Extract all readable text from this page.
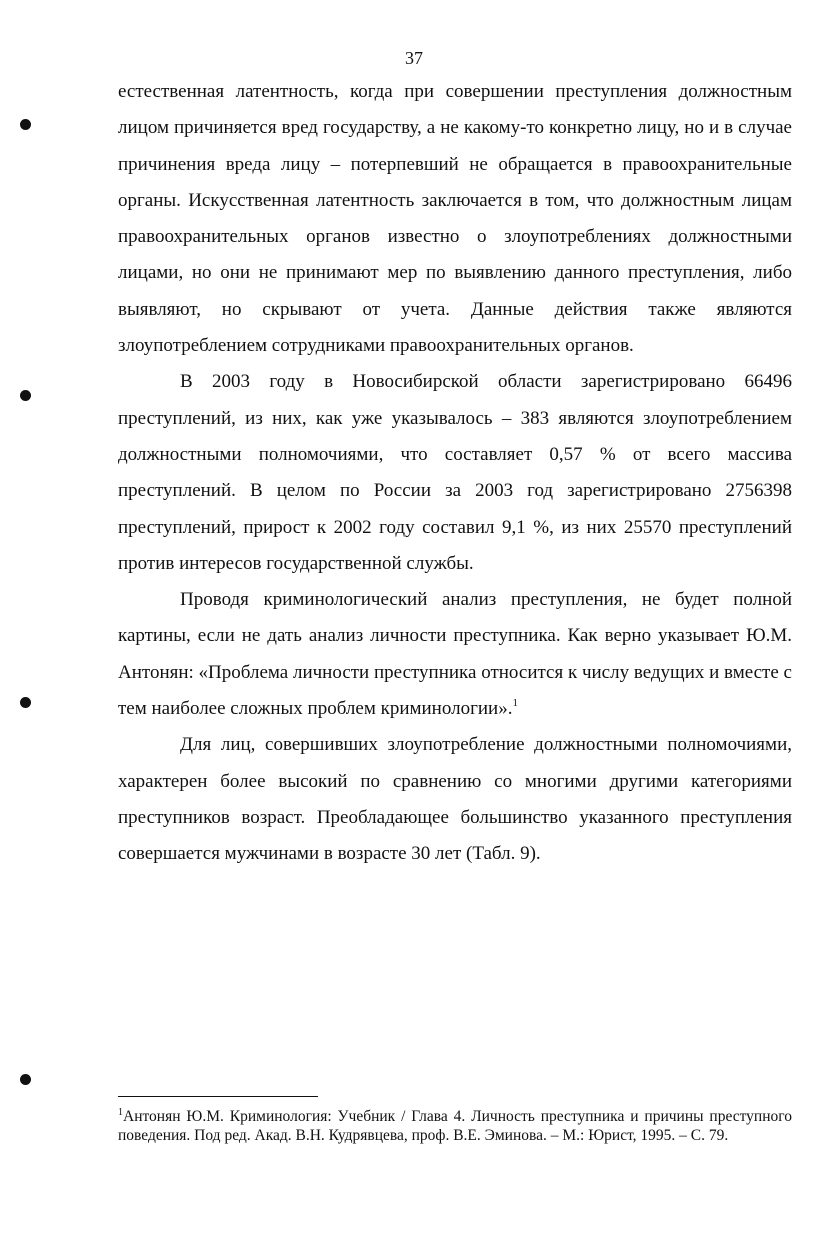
37

естественная латентность, когда при совершении преступления должностным лицом причиняется вред государству, а не какому-то конкретно лицу, но и в случае причинения вреда лицу – потерпевший не обращается в правоохранительные органы. Искусственная латентность заключается в том, что должностным лицам правоохранительных органов известно о злоупотреблениях должностными лицами, но они не принимают мер по выявлению данного преступления, либо выявляют, но скрывают от учета. Данные действия также являются злоупотреблением сотрудниками правоохранительных органов.

В 2003 году в Новосибирской области зарегистрировано 66496 преступлений, из них, как уже указывалось – 383 являются злоупотреблением должностными полномочиями, что составляет 0,57 % от всего массива преступлений. В целом по России за 2003 год зарегистрировано 2756398 преступлений, прирост к 2002 году составил 9,1 %, из них 25570 преступлений против интересов государственной службы.

Проводя криминологический анализ преступления, не будет полной картины, если не дать анализ личности преступника. Как верно указывает Ю.М. Антонян: «Проблема личности преступника относится к числу ведущих и вместе с тем наиболее сложных проблем криминологии».$^1$

Для лиц, совершивших злоупотребление должностными полномочиями, характерен более высокий по сравнению со многими другими категориями преступников возраст. Преобладающее большинство указанного преступления совершается мужчинами в возрасте 30 лет (Табл. 9).

$^1$Антонян Ю.М. Криминология: Учебник / Глава 4. Личность преступника и причины преступного поведения. Под ред. Акад. В.Н. Кудрявцева, проф. В.Е. Эминова. – М.: Юрист, 1995. – С. 79.
